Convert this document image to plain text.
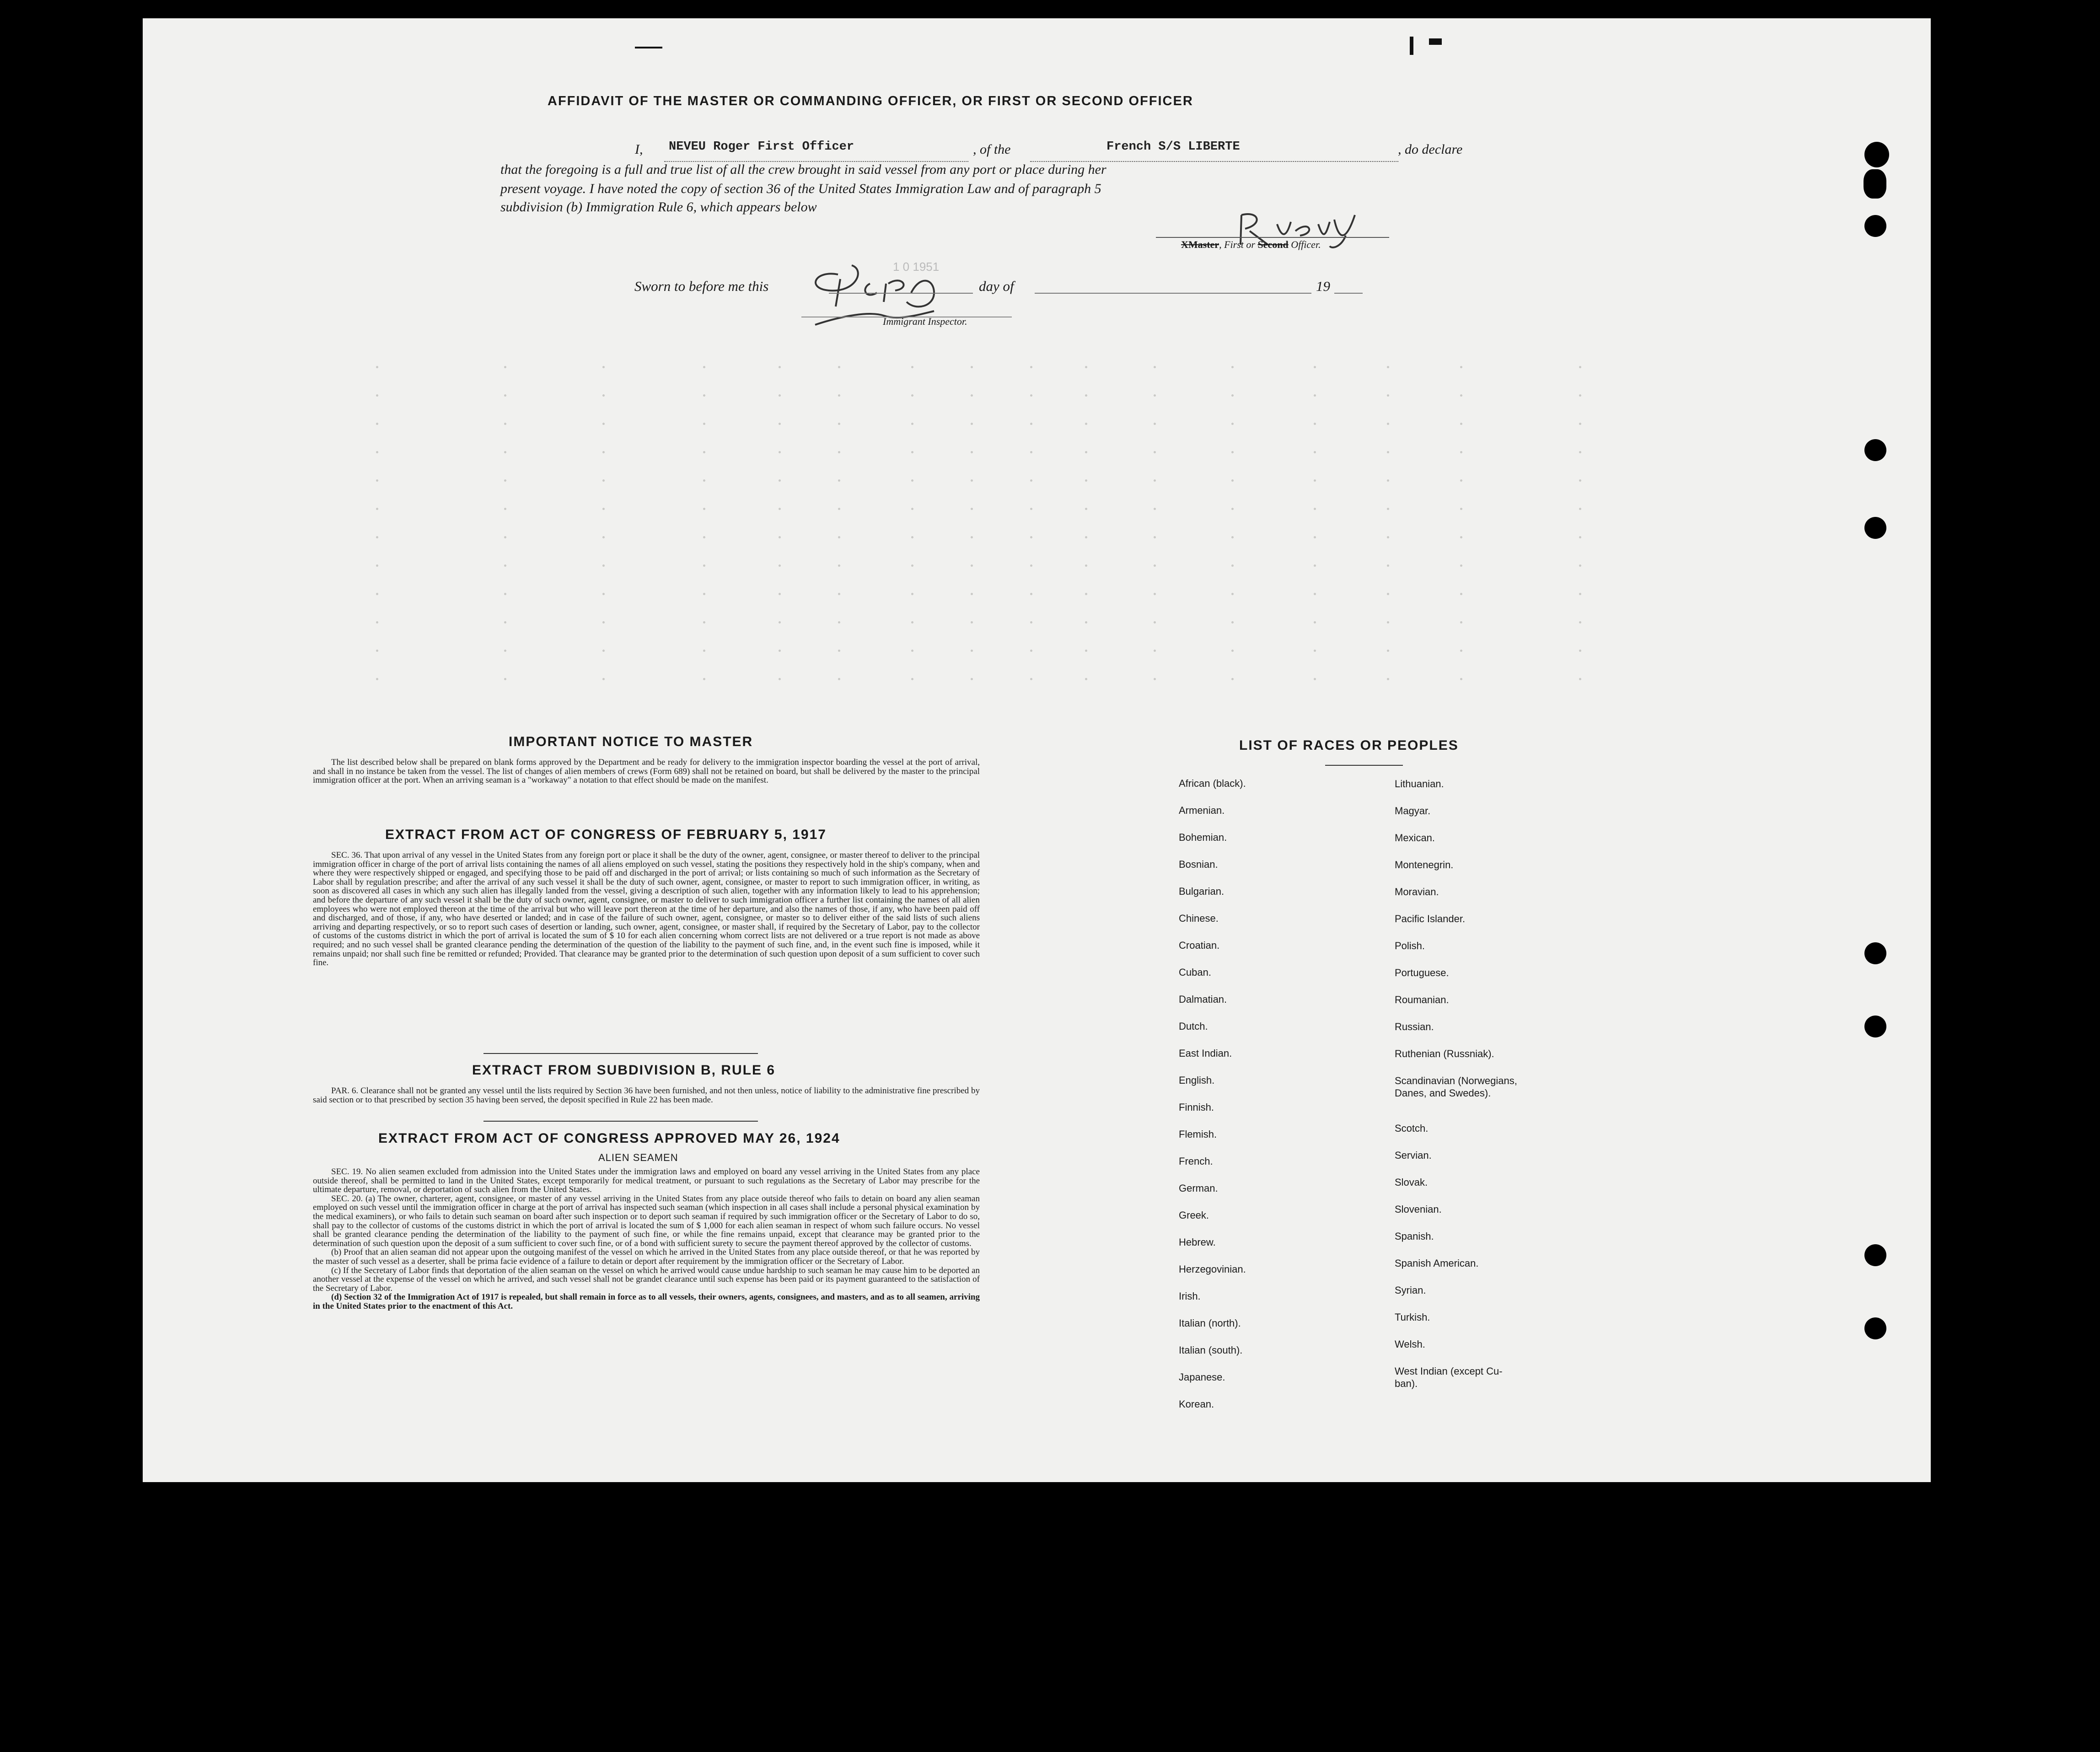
AFFIDAVIT OF THE MASTER OR COMMANDING OFFICER, OR FIRST OR SECOND OFFICER
I, NEVEU Roger First Officer	, of the	French S/S LIBERTE	, do declare
that the foregoing is a full and true list of all the crew brought in said vessel from any port or place during her
present voyage. I have noted the copy of section 36 of the United States Immigration Law and of paragraph 5
subdivision (b) Immigration Rule 6, which appears below
XMaster, First or Second Officer.
Sworn to before me this
1 0 1951
day of	19
Immigrant Inspector.
IMPORTANT NOTICE TO MASTER

The list described below shall be prepared on blank forms approved by the Department and be ready for delivery to the immigration inspector boarding the vessel at the port of arrival, and shall in no instance be taken from the vessel. The list of changes of alien members of crews (Form 689) shall not be retained on board, but shall be delivered by the master to the principal immigration officer at the port. When an arriving seaman is a "workaway" a notation to that effect should be made on the manifest.

EXTRACT FROM ACT OF CONGRESS OF FEBRUARY 5, 1917

SEC. 36. That upon arrival of any vessel in the United States from any foreign port or place it shall be the duty of the owner, agent, consignee, or master thereof to deliver to the principal immigration officer in charge of the port of arrival lists containing the names of all aliens employed on such vessel, stating the positions they respectively hold in the ship's company, when and where they were respectively shipped or engaged, and specifying those to be paid off and discharged in the port of arrival; or lists containing so much of such information as the Secretary of Labor shall by regulation prescribe; and after the arrival of any such vessel it shall be the duty of such owner, agent, consignee, or master to report to such immigration officer, in writing, as soon as discovered all cases in which any such alien has illegally landed from the vessel, giving a description of such alien, together with any information likely to lead to his apprehension; and before the departure of any such vessel it shall be the duty of such owner, agent, consignee, or master to deliver to such immigration officer a further list containing the names of all alien employees who were not employed thereon at the time of the arrival but who will leave port thereon at the time of her departure, and also the names of those, if any, who have been paid off and discharged, and of those, if any, who have deserted or landed; and in case of the failure of such owner, agent, consignee, or master so to deliver either of the said lists of such aliens arriving and departing respectively, or so to report such cases of desertion or landing, such owner, agent, consignee, or master shall, if required by the Secretary of Labor, pay to the collector of customs of the customs district in which the port of arrival is located the sum of $ 10 for each alien concerning whom correct lists are not delivered or a true report is not made as above required; and no such vessel shall be granted clearance pending the determination of the question of the liability to the payment of such fine, and, in the event such fine is imposed, while it remains unpaid; nor shall such fine be remitted or refunded; Provided. That clearance may be granted prior to the determination of such question upon deposit of a sum sufficient to cover such fine.

EXTRACT FROM SUBDIVISION B, RULE 6

PAR. 6. Clearance shall not be granted any vessel until the lists required by Section 36 have been furnished, and not then unless, notice of liability to the administrative fine prescribed by said section or to that prescribed by section 35 having been served, the deposit specified in Rule 22 has been made.

EXTRACT FROM ACT OF CONGRESS APPROVED MAY 26, 1924
ALIEN SEAMEN

SEC. 19. No alien seamen excluded from admission into the United States under the immigration laws and employed on board any vessel arriving in the United States from any place outside thereof, shall be permitted to land in the United States, except temporarily for medical treatment, or pursuant to such regulations as the Secretary of Labor may prescribe for the ultimate departure, removal, or deportation of such alien from the United States.

SEC. 20. (a) The owner, charterer, agent, consignee, or master of any vessel arriving in the United States from any place outside thereof who fails to detain on board any alien seaman employed on such vessel until the immigration officer in charge at the port of arrival has inspected such seaman (which inspection in all cases shall include a personal physical examination by the medical examiners), or who fails to detain such seaman on board after such inspection or to deport such seaman if required by such immigration officer or the Secretary of Labor to do so, shall pay to the collector of customs of the customs district in which the port of arrival is located the sum of $ 1,000 for each alien seaman in respect of whom such failure occurs. No vessel shall be granted clearance pending the determination of the liability to the payment of such fine, or while the fine remains unpaid, except that clearance may be granted prior to the determination of such question upon the deposit of a sum sufficient to cover such fine, or of a bond with sufficient surety to secure the payment thereof approved by the collector of customs.

(b) Proof that an alien seaman did not appear upon the outgoing manifest of the vessel on which he arrived in the United States from any place outside thereof, or that he was reported by the master of such vessel as a deserter, shall be prima facie evidence of a failure to detain or deport after requirement by the immigration officer or the Secretary of Labor.

(c) If the Secretary of Labor finds that deportation of the alien seaman on the vessel on which he arrived would cause undue hardship to such seaman he may cause him to be deported an another vessel at the expense of the vessel on which he arrived, and such vessel shall not be grandet clearance until such expense has been paid or its payment guaranteed to the satisfaction of the Secretary of Labor.

(d) Section 32 of the Immigration Act of 1917 is repealed, but shall remain in force as to all vessels, their owners, agents, consignees, and masters, and as to all seamen, arriving in the United States prior to the enactment of this Act.

LIST OF RACES OR PEOPLES
African (black).
Armenian.
Bohemian.
Bosnian.
Bulgarian.
Chinese.
Croatian.
Cuban.
Dalmatian.
Dutch.
East Indian.
English.
Finnish.
Flemish.
French.
German.
Greek.
Hebrew.
Herzegovinian.
Irish.
Italian (north).
Italian (south).
Japanese.
Korean.
Lithuanian.
Magyar.
Mexican.
Montenegrin.
Moravian.
Pacific Islander.
Polish.
Portuguese.
Roumanian.
Russian.
Ruthenian (Russniak).
Scandinavian (Norwegians,
Danes, and Swedes).
Scotch.
Servian.
Slovak.
Slovenian.
Spanish.
Spanish American.
Syrian.
Turkish.
Welsh.
West Indian (except Cu-
ban).
